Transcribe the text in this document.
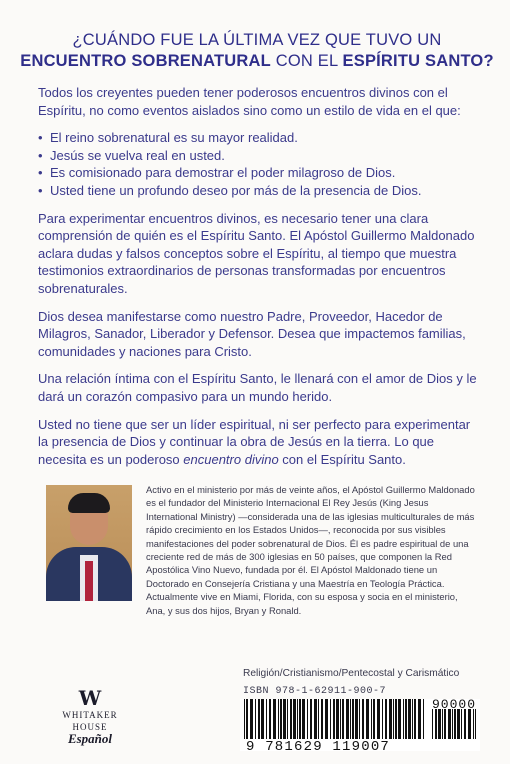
¿CUÁNDO FUE LA ÚLTIMA VEZ QUE TUVO UN
ENCUENTRO SOBRENATURAL CON EL ESPÍRITU SANTO?

Todos los creyentes pueden tener poderosos encuentros divinos con el Espíritu, no como eventos aislados sino como un estilo de vida en el que:

• El reino sobrenatural es su mayor realidad.
• Jesús se vuelva real en usted.
• Es comisionado para demostrar el poder milagroso de Dios.
• Usted tiene un profundo deseo por más de la presencia de Dios.

Para experimentar encuentros divinos, es necesario tener una clara comprensión de quién es el Espíritu Santo. El Apóstol Guillermo Maldonado aclara dudas y falsos conceptos sobre el Espíritu, al tiempo que muestra testimonios extraordinarios de personas transformadas por encuentros sobrenaturales.

Dios desea manifestarse como nuestro Padre, Proveedor, Hacedor de Milagros, Sanador, Liberador y Defensor. Desea que impactemos familias, comunidades y naciones para Cristo.

Una relación íntima con el Espíritu Santo, le llenará con el amor de Dios y le dará un corazón compasivo para un mundo herido.

Usted no tiene que ser un líder espiritual, ni ser perfecto para experimentar la presencia de Dios y continuar la obra de Jesús en la tierra. Lo que necesita es un poderoso encuentro divino con el Espíritu Santo.

Activo en el ministerio por más de veinte años, el Apóstol Guillermo Maldonado es el fundador del Ministerio Internacional El Rey Jesús (King Jesus International Ministry) —considerada una de las iglesias multiculturales de más rápido crecimiento en los Estados Unidos—, reconocida por sus visibles manifestaciones del poder sobrenatural de Dios. Él es padre espiritual de una creciente red de más de 300 iglesias en 50 países, que componen la Red Apostólica Vino Nuevo, fundada por él. El Apóstol Maldonado tiene un Doctorado en Consejería Cristiana y una Maestría en Teología Práctica. Actualmente vive en Miami, Florida, con su esposa y socia en el ministerio, Ana, y sus dos hijos, Bryan y Ronald.
W
WHITAKER
HOUSE
Español
Religión/Cristianismo/Pentecostal y Carismático
ISBN 978-1-62911-900-7
9 781629 119007
90000
